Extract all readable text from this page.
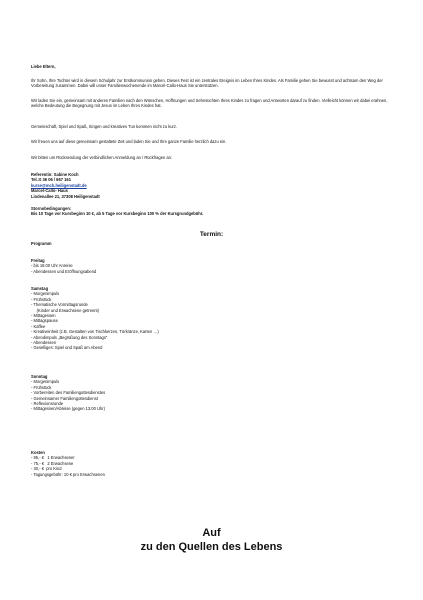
Liebe Eltern,
Ihr Sohn, Ihre Tochter wird in diesem Schuljahr zur Erstkommunion gehen. Dieses Fest ist ein zentrales Ereignis im Leben Ihres Kindes. Als Familie gehen Sie bewusst und achtsam den Weg der Vorbereitung zusammen. Dabei will unser Familienwochenende im Marcel-Callo-Haus Sie unterstützen.
Wir laden Sie ein, gemeinsam mit anderen Familien nach den Wünschen, Hoffnungen und Sehnsüchten Ihres Kindes zu fragen und Antworten darauf zu finden. Vielleicht können wir dabei erahnen, welche Bedeutung die Begegnung mit Jesus im Leben Ihres Kindes hat.
Gemeinschaft, Spiel und Spaß, Singen und kreatives Tun kommen nicht zu kurz.
Wir freuen uns auf diese gemeinsam gestaltete Zeit und laden Sie und Ihre ganze Familie herzlich dazu ein.
Wir bitten um Rücksendung der verbindlichen Anmeldung an / Rückfragen an:
Referentin: Sabine Koch
Tel.:0 36 06 / 667 161
kurse@mch.heiligenstadt.de
Marcel-Callo- Haus
Lindenallee 21, 37308 Heiligenstadt
Stornobedingungen:
Bis 10 Tage vor Kursbeginn 10 €, ab 5 Tage vor Kursbeginn 100 % der Kursgrundgebühr.
Termin:
Programm
Freitag
- bis 18.00 Uhr Anreise
- Abendessen und Eröffnungsabend
Samstag
- Morgenimpuls
- Frühstück
- Thematische Vormittagsrunde
(Kinder und Erwachsene getrennt)
- Mittagessen
- Mittagspause
- Kaffee
- Kreativeinheit (z.B. Gestalten von Tischkerzen, Türkränze, Karten …)
- Abendimpuls „Begrüßung des Sonntags“
- Abendessen
- Geselliges: Spiel und Spaß am Abend
Sonntag
- Morgenimpuls
- Frühstück
- Vorbereiten des Familiengottesdienstes
- Gemeinsamer Familiengottesdienst
- Reflexionsrunde
- Mittagessen/Abreise (gegen 13.00 Uhr)
Kosten
- 95,- €   1 Erwachsener
- 75,- €   2 Erwachsene
- 30,- €  pro Kind
- Tagungsgebühr: 10 € pro Erwachsenen
Auf
zu den Quellen des Lebens
